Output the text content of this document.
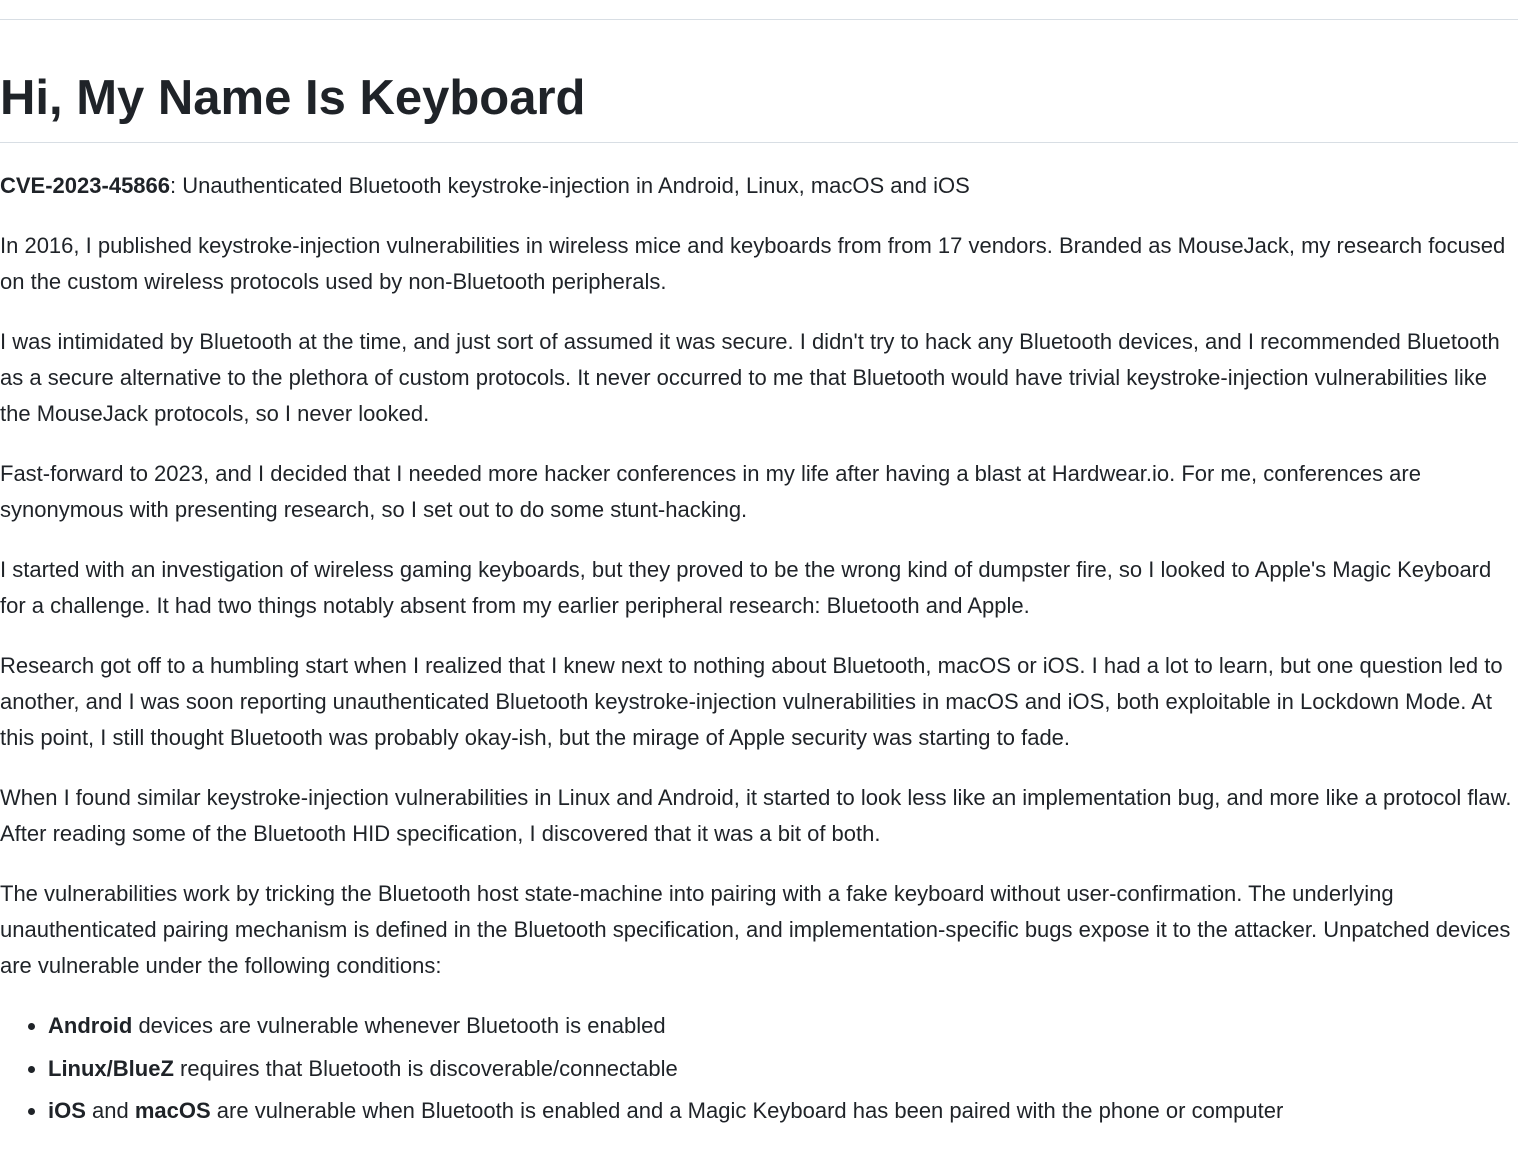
Hi, My Name Is Keyboard

CVE-2023-45866: Unauthenticated Bluetooth keystroke-injection in Android, Linux, macOS and iOS

In 2016, I published keystroke-injection vulnerabilities in wireless mice and keyboards from from 17 vendors. Branded as MouseJack, my research focused on the custom wireless protocols used by non-Bluetooth peripherals.

I was intimidated by Bluetooth at the time, and just sort of assumed it was secure. I didn't try to hack any Bluetooth devices, and I recommended Bluetooth as a secure alternative to the plethora of custom protocols. It never occurred to me that Bluetooth would have trivial keystroke-injection vulnerabilities like the MouseJack protocols, so I never looked.

Fast-forward to 2023, and I decided that I needed more hacker conferences in my life after having a blast at Hardwear.io. For me, conferences are synonymous with presenting research, so I set out to do some stunt-hacking.

I started with an investigation of wireless gaming keyboards, but they proved to be the wrong kind of dumpster fire, so I looked to Apple's Magic Keyboard for a challenge. It had two things notably absent from my earlier peripheral research: Bluetooth and Apple.

Research got off to a humbling start when I realized that I knew next to nothing about Bluetooth, macOS or iOS. I had a lot to learn, but one question led to another, and I was soon reporting unauthenticated Bluetooth keystroke-injection vulnerabilities in macOS and iOS, both exploitable in Lockdown Mode. At this point, I still thought Bluetooth was probably okay-ish, but the mirage of Apple security was starting to fade.

When I found similar keystroke-injection vulnerabilities in Linux and Android, it started to look less like an implementation bug, and more like a protocol flaw. After reading some of the Bluetooth HID specification, I discovered that it was a bit of both.

The vulnerabilities work by tricking the Bluetooth host state-machine into pairing with a fake keyboard without user-confirmation. The underlying unauthenticated pairing mechanism is defined in the Bluetooth specification, and implementation-specific bugs expose it to the attacker. Unpatched devices are vulnerable under the following conditions:

• Android devices are vulnerable whenever Bluetooth is enabled
• Linux/BlueZ requires that Bluetooth is discoverable/connectable
• iOS and macOS are vulnerable when Bluetooth is enabled and a Magic Keyboard has been paired with the phone or computer
